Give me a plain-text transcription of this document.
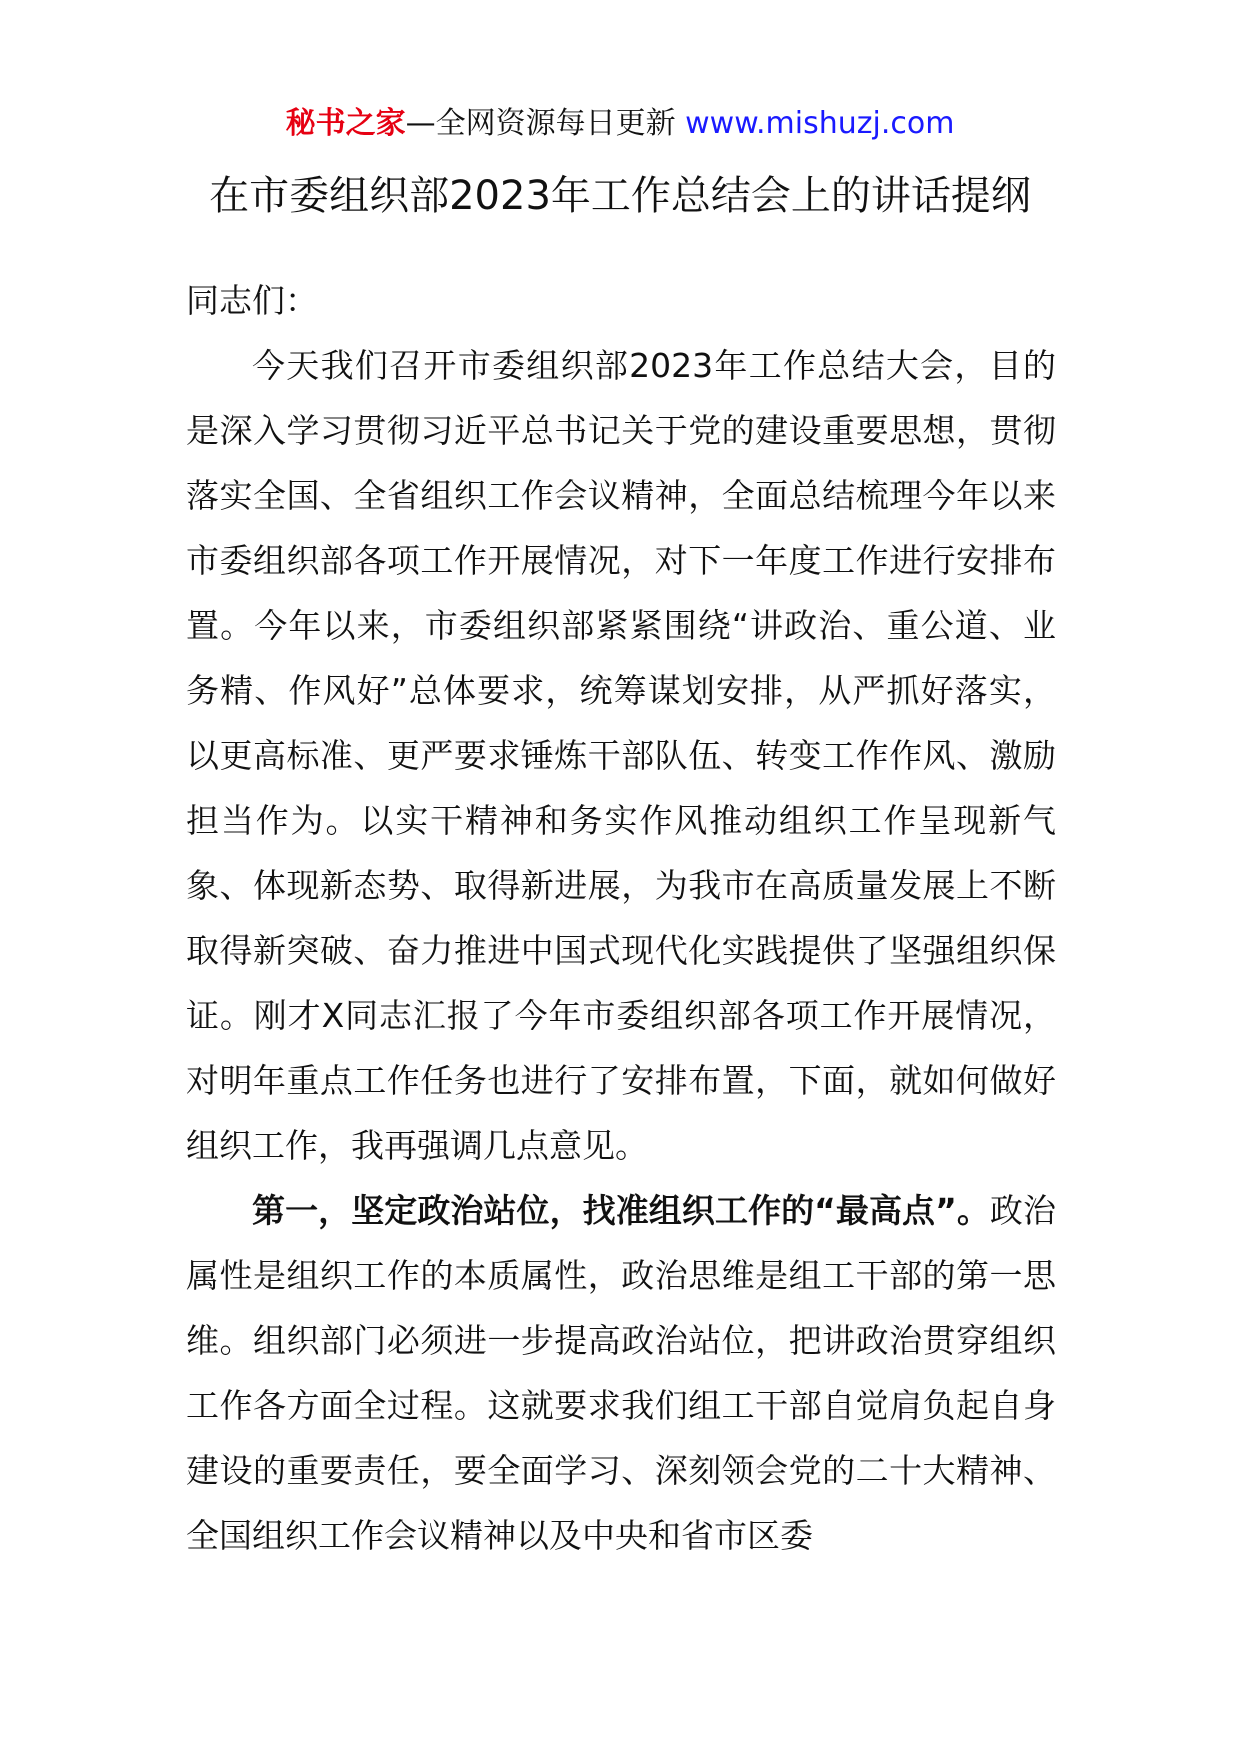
秘书之家—全网资源每日更新 www.mishuzj.com
在市委组织部2023年工作总结会上的讲话提纲

同志们：

今天我们召开市委组织部2023年工作总结大会，目的是深入学习贯彻习近平总书记关于党的建设重要思想，贯彻落实全国、全省组织工作会议精神，全面总结梳理今年以来市委组织部各项工作开展情况，对下一年度工作进行安排布置。今年以来，市委组织部紧紧围绕“讲政治、重公道、业务精、作风好”总体要求，统筹谋划安排，从严抓好落实，以更高标准、更严要求锤炼干部队伍、转变工作作风、激励担当作为。以实干精神和务实作风推动组织工作呈现新气象、体现新态势、取得新进展，为我市在高质量发展上不断取得新突破、奋力推进中国式现代化实践提供了坚强组织保证。刚才X同志汇报了今年市委组织部各项工作开展情况，对明年重点工作任务也进行了安排布置，下面，就如何做好组织工作，我再强调几点意见。

第一，坚定政治站位，找准组织工作的“最高点”。政治属性是组织工作的本质属性，政治思维是组工干部的第一思维。组织部门必须进一步提高政治站位，把讲政治贯穿组织工作各方面全过程。这就要求我们组工干部自觉肩负起自身建设的重要责任，要全面学习、深刻领会党的二十大精神、全国组织工作会议精神以及中央和省市区委
